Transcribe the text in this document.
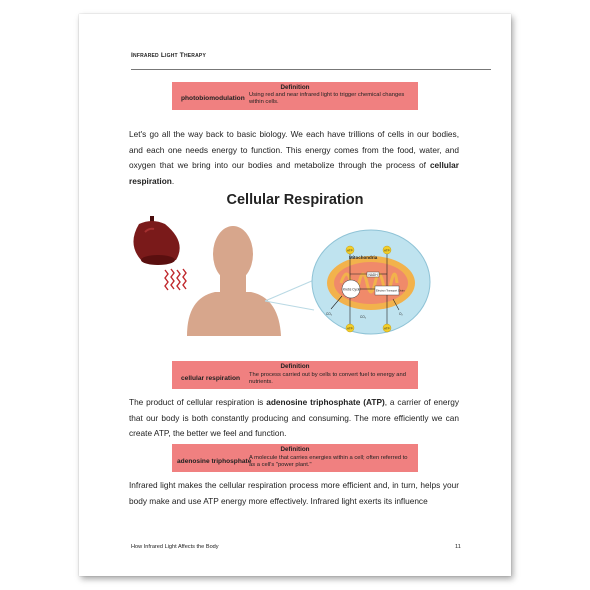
Infrared Light Therapy
Definition
photobiomodulation Using red and near infrared light to trigger chemical changes within cells.
Let's go all the way back to basic biology. We each have trillions of cells in our bodies, and each one needs energy to function. This energy comes from the food, water, and oxygen that we bring into our bodies and metabolize through the process of cellular respiration.
Cellular Respiration
Mitochondria
NADH
Krebs Cycle	Electron Transport Chain
ATP	ATP
ATP	ATP
CO₂
CO₂
O₂
Definition
cellular respiration The process carried out by cells to convert fuel to energy and nutrients.
The product of cellular respiration is adenosine triphosphate (ATP), a carrier of energy that our body is both constantly producing and consuming. The more efficiently we can create ATP, the better we feel and function.
Definition
adenosine triphosphate
A molecule that carries energies within a cell; often referred to as a cell's "power plant."
Infrared light makes the cellular respiration process more efficient and, in turn, helps your body make and use ATP energy more effectively. Infrared light exerts its influence
How Infrared Light Affects the Body	11
